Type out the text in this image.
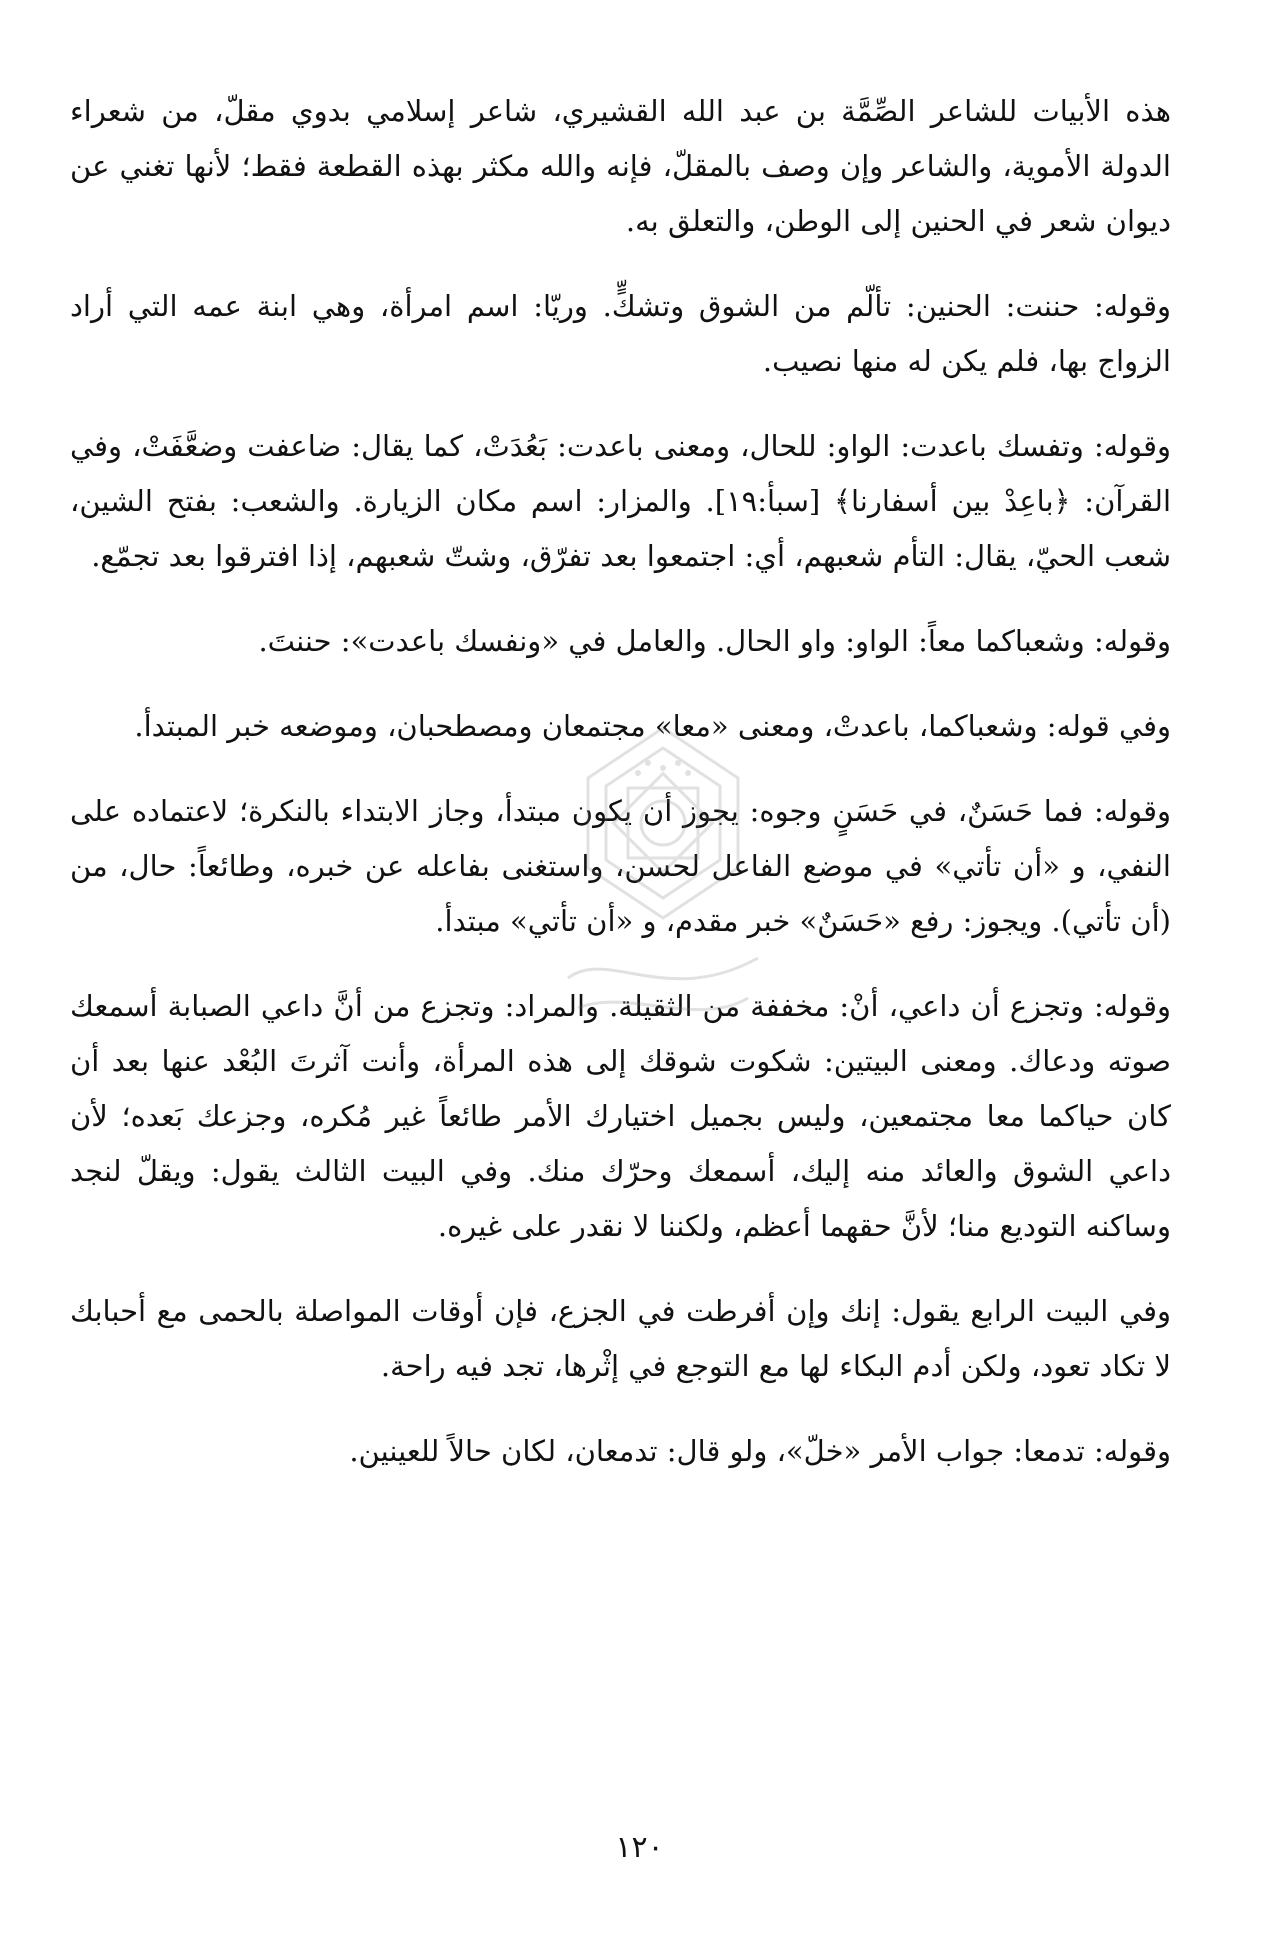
هذه الأبيات للشاعر الصِّمَّة بن عبد الله القشيري، شاعر إسلامي بدوي مقلّ، من شعراء الدولة الأموية، والشاعر وإن وصف بالمقلّ، فإنه والله مكثر بهذه القطعة فقط؛ لأنها تغني عن ديوان شعر في الحنين إلى الوطن، والتعلق به.

وقوله: حننت: الحنين: تألّم من الشوق وتشكٍّ. وريّا: اسم امرأة، وهي ابنة عمه التي أراد الزواج بها، فلم يكن له منها نصيب.

وقوله: وتفسك باعدت: الواو: للحال، ومعنى باعدت: بَعُدَتْ، كما يقال: ضاعفت وضعَّفَتْ، وفي القرآن: ﴿باعِدْ بين أسفارنا﴾ [سبأ:١٩]. والمزار: اسم مكان الزيارة. والشعب: بفتح الشين، شعب الحيّ، يقال: التأم شعبهم، أي: اجتمعوا بعد تفرّق، وشتّ شعبهم، إذا افترقوا بعد تجمّع.

وقوله: وشعباكما معاً: الواو: واو الحال. والعامل في «ونفسك باعدت»: حننتَ.

وفي قوله: وشعباكما، باعدتْ، ومعنى «معا» مجتمعان ومصطحبان، وموضعه خبر المبتدأ.

وقوله: فما حَسَنٌ، في حَسَنٍ وجوه: يجوز أن يكون مبتدأ، وجاز الابتداء بالنكرة؛ لاعتماده على النفي، و «أن تأتي» في موضع الفاعل لحسن، واستغنى بفاعله عن خبره، وطائعاً: حال، من (أن تأتي). ويجوز: رفع «حَسَنٌ» خبر مقدم، و «أن تأتي» مبتدأ.

وقوله: وتجزع أن داعي، أنْ: مخففة من الثقيلة. والمراد: وتجزع من أنَّ داعي الصبابة أسمعك صوته ودعاك. ومعنى البيتين: شكوت شوقك إلى هذه المرأة، وأنت آثرتَ البُعْد عنها بعد أن كان حياكما معا مجتمعين، وليس بجميل اختيارك الأمر طائعاً غير مُكره، وجزعك بَعده؛ لأن داعي الشوق والعائد منه إليك، أسمعك وحرّك منك. وفي البيت الثالث يقول: ويقلّ لنجد وساكنه التوديع منا؛ لأنَّ حقهما أعظم، ولكننا لا نقدر على غيره.

وفي البيت الرابع يقول: إنك وإن أفرطت في الجزع، فإن أوقات المواصلة بالحمى مع أحبابك لا تكاد تعود، ولكن أدم البكاء لها مع التوجع في إثْرها، تجد فيه راحة.

وقوله: تدمعا: جواب الأمر «خلّ»، ولو قال: تدمعان، لكان حالاً للعينين.

١٢٠
